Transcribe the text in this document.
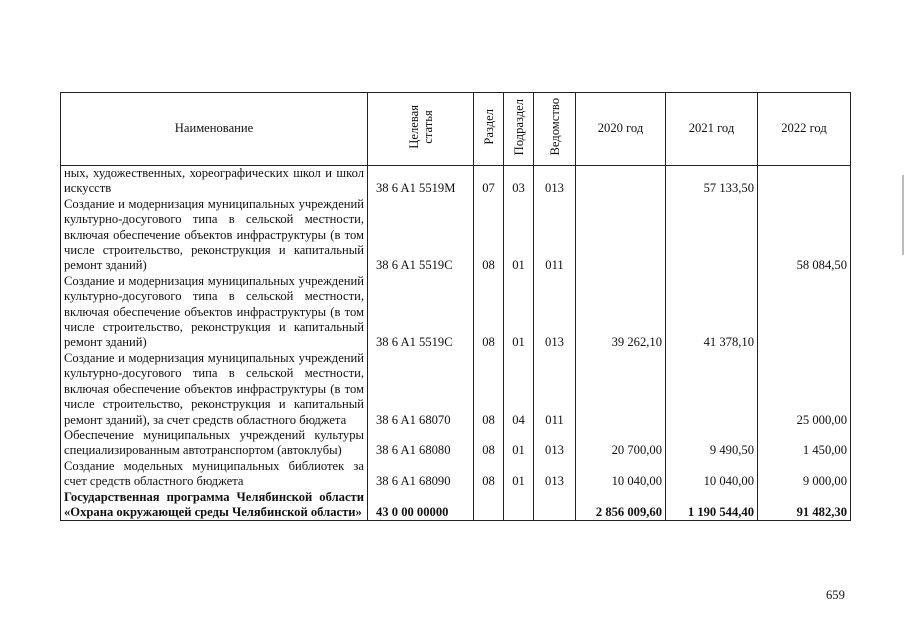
Наименование	Целевая
статья	Раздел	Подраздел	Ведомство	2020 год	2021 год	2022 год
ных, художественных, хореографических школ и школ искусств	38 6 A1 5519M	07	03	013		57 133,50	
Создание и модернизация муниципальных учреждений культурно-досугового типа в сельской местности, включая обеспечение объектов инфраструктуры (в том числе строительство, реконструкция и капитальный ремонт зданий)	38 6 A1 5519C	08	01	011			58 084,50
Создание и модернизация муниципальных учреждений культурно-досугового типа в сельской местности, включая обеспечение объектов инфраструктуры (в том числе строительство, реконструкция и капитальный ремонт зданий)	38 6 A1 5519C	08	01	013	39 262,10	41 378,10	
Создание и модернизация муниципальных учреждений культурно-досугового типа в сельской местности, включая обеспечение объектов инфраструктуры (в том числе строительство, реконструкция и капитальный ремонт зданий), за счет средств областного бюджета	38 6 A1 68070	08	04	011			25 000,00
Обеспечение муниципальных учреждений культуры специализированным автотранспортом (автоклубы)	38 6 A1 68080	08	01	013	20 700,00	9 490,50	1 450,00
Создание модельных муниципальных библиотек за счет средств областного бюджета	38 6 A1 68090	08	01	013	10 040,00	10 040,00	9 000,00
Государственная программа Челябинской области «Охрана окружающей среды Челябинской области»	43 0 00 00000				2 856 009,60	1 190 544,40	91 482,30
659
